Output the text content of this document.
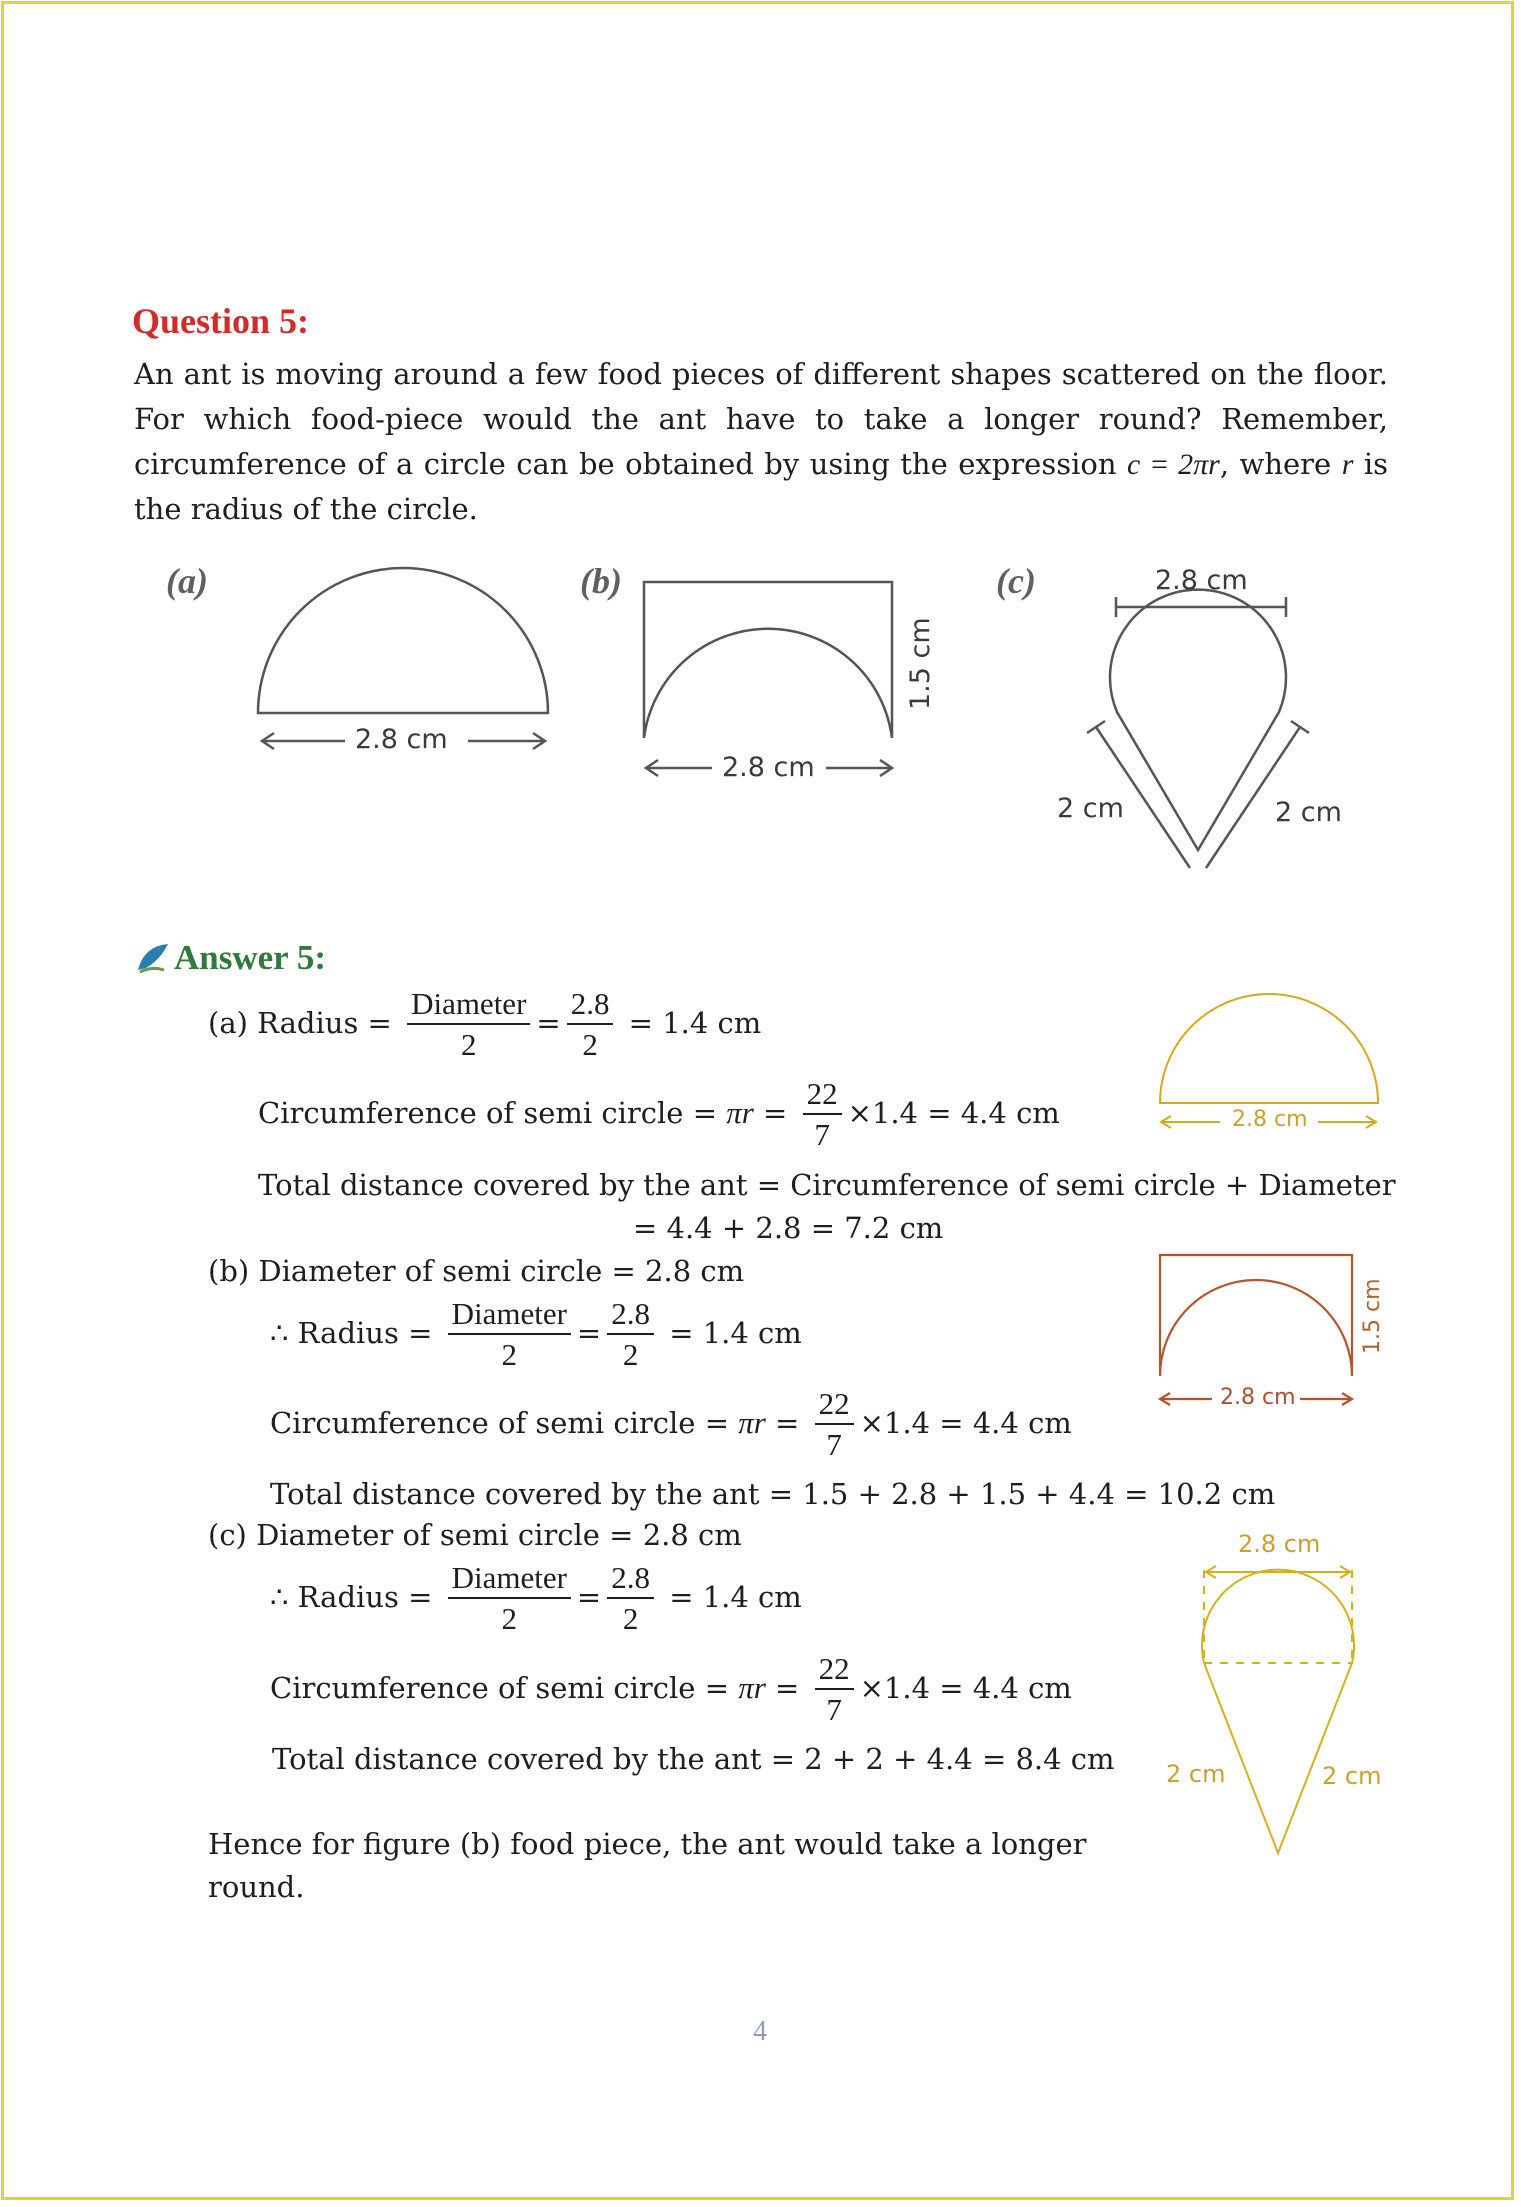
Question 5:
An ant is moving around a few food pieces of different shapes scattered on the floor. For which food-piece would the ant have to take a longer round? Remember, circumference of a circle can be obtained by using the expression c = 2πr, where r is the radius of the circle.
(a)	(b)	(c)
2.8 cm
2.8 cm
1.5 cm
2.8 cm
2 cm	2 cm
Answer 5:
(a) Radius = $\frac{\text{Diameter}}{2} = \frac{2.8}{2} = 1.4$ cm
Circumference of semi circle = $\pi r = \frac{22}{7} \times 1.4 = 4.4$ cm
Total distance covered by the ant = Circumference of semi circle + Diameter
= 4.4 + 2.8 = 7.2 cm
(b) Diameter of semi circle = 2.8 cm
∴ Radius = $\frac{\text{Diameter}}{2} = \frac{2.8}{2} = 1.4$ cm
Circumference of semi circle = $\pi r = \frac{22}{7} \times 1.4 = 4.4$ cm
Total distance covered by the ant = 1.5 + 2.8 + 1.5 + 4.4 = 10.2 cm
(c) Diameter of semi circle = 2.8 cm
∴ Radius = $\frac{\text{Diameter}}{2} = \frac{2.8}{2} = 1.4$ cm
Circumference of semi circle = $\pi r = \frac{22}{7} \times 1.4 = 4.4$ cm
Total distance covered by the ant = 2 + 2 + 4.4 = 8.4 cm
Hence for figure (b) food piece, the ant would take a longer
round.
2.8 cm
2.8 cm
1.5 cm
2.8 cm
2 cm	2 cm
4
